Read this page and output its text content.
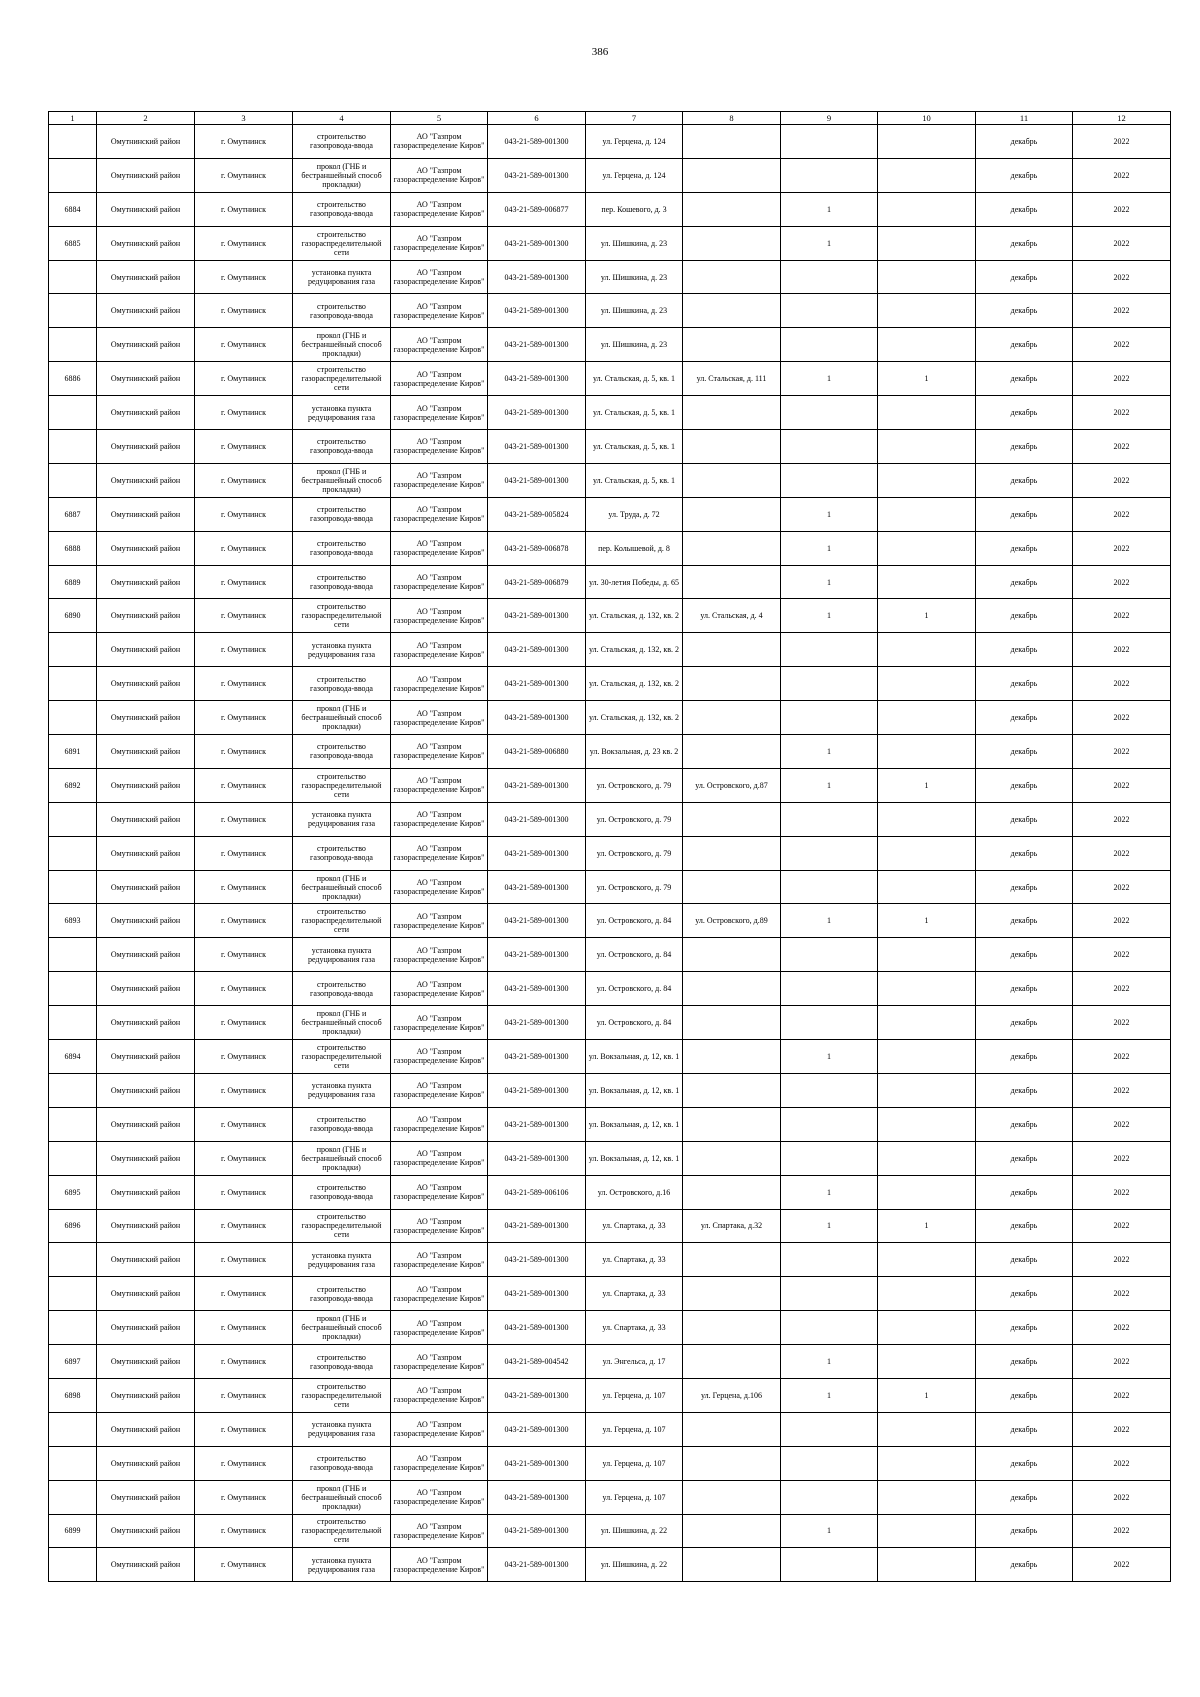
386
1	2	3	4	5	6	7	8	9	10	11	12
	Омутнинский район	г. Омутнинск	строительство газопровода-ввода	АО "Газпром газораспределение Киров"	043-21-589-001300	ул. Герцена, д. 124				декабрь	2022
	Омутнинский район	г. Омутнинск	прокол (ГНБ и бестраншейный способ прокладки)	АО "Газпром газораспределение Киров"	043-21-589-001300	ул. Герцена, д. 124				декабрь	2022
6884	Омутнинский район	г. Омутнинск	строительство газопровода-ввода	АО "Газпром газораспределение Киров"	043-21-589-006877	пер. Кошевого, д. 3		1		декабрь	2022
6885	Омутнинский район	г. Омутнинск	строительство газораспределительной сети	АО "Газпром газораспределение Киров"	043-21-589-001300	ул. Шишкина, д. 23		1		декабрь	2022
	Омутнинский район	г. Омутнинск	установка пункта редуцирования газа	АО "Газпром газораспределение Киров"	043-21-589-001300	ул. Шишкина, д. 23				декабрь	2022
	Омутнинский район	г. Омутнинск	строительство газопровода-ввода	АО "Газпром газораспределение Киров"	043-21-589-001300	ул. Шишкина, д. 23				декабрь	2022
	Омутнинский район	г. Омутнинск	прокол (ГНБ и бестраншейный способ прокладки)	АО "Газпром газораспределение Киров"	043-21-589-001300	ул. Шишкина, д. 23				декабрь	2022
6886	Омутнинский район	г. Омутнинск	строительство газораспределительной сети	АО "Газпром газораспределение Киров"	043-21-589-001300	ул. Стальская, д. 5, кв. 1	ул. Стальская, д. 111	1	1	декабрь	2022
	Омутнинский район	г. Омутнинск	установка пункта редуцирования газа	АО "Газпром газораспределение Киров"	043-21-589-001300	ул. Стальская, д. 5, кв. 1				декабрь	2022
	Омутнинский район	г. Омутнинск	строительство газопровода-ввода	АО "Газпром газораспределение Киров"	043-21-589-001300	ул. Стальская, д. 5, кв. 1				декабрь	2022
	Омутнинский район	г. Омутнинск	прокол (ГНБ и бестраншейный способ прокладки)	АО "Газпром газораспределение Киров"	043-21-589-001300	ул. Стальская, д. 5, кв. 1				декабрь	2022
6887	Омутнинский район	г. Омутнинск	строительство газопровода-ввода	АО "Газпром газораспределение Киров"	043-21-589-005824	ул. Труда, д. 72		1		декабрь	2022
6888	Омутнинский район	г. Омутнинск	строительство газопровода-ввода	АО "Газпром газораспределение Киров"	043-21-589-006878	пер. Колышевой, д. 8		1		декабрь	2022
6889	Омутнинский район	г. Омутнинск	строительство газопровода-ввода	АО "Газпром газораспределение Киров"	043-21-589-006879	ул. 30-летия Победы, д. 65		1		декабрь	2022
6890	Омутнинский район	г. Омутнинск	строительство газораспределительной сети	АО "Газпром газораспределение Киров"	043-21-589-001300	ул. Стальская, д. 132, кв. 2	ул. Стальская, д. 4	1	1	декабрь	2022
	Омутнинский район	г. Омутнинск	установка пункта редуцирования газа	АО "Газпром газораспределение Киров"	043-21-589-001300	ул. Стальская, д. 132, кв. 2				декабрь	2022
	Омутнинский район	г. Омутнинск	строительство газопровода-ввода	АО "Газпром газораспределение Киров"	043-21-589-001300	ул. Стальская, д. 132, кв. 2				декабрь	2022
	Омутнинский район	г. Омутнинск	прокол (ГНБ и бестраншейный способ прокладки)	АО "Газпром газораспределение Киров"	043-21-589-001300	ул. Стальская, д. 132, кв. 2				декабрь	2022
6891	Омутнинский район	г. Омутнинск	строительство газопровода-ввода	АО "Газпром газораспределение Киров"	043-21-589-006880	ул. Вокзальная, д. 23 кв. 2		1		декабрь	2022
6892	Омутнинский район	г. Омутнинск	строительство газораспределительной сети	АО "Газпром газораспределение Киров"	043-21-589-001300	ул. Островского, д. 79	ул. Островского, д.87	1	1	декабрь	2022
	Омутнинский район	г. Омутнинск	установка пункта редуцирования газа	АО "Газпром газораспределение Киров"	043-21-589-001300	ул. Островского, д. 79				декабрь	2022
	Омутнинский район	г. Омутнинск	строительство газопровода-ввода	АО "Газпром газораспределение Киров"	043-21-589-001300	ул. Островского, д. 79				декабрь	2022
	Омутнинский район	г. Омутнинск	прокол (ГНБ и бестраншейный способ прокладки)	АО "Газпром газораспределение Киров"	043-21-589-001300	ул. Островского, д. 79				декабрь	2022
6893	Омутнинский район	г. Омутнинск	строительство газораспределительной сети	АО "Газпром газораспределение Киров"	043-21-589-001300	ул. Островского, д. 84	ул. Островского, д.89	1	1	декабрь	2022
	Омутнинский район	г. Омутнинск	установка пункта редуцирования газа	АО "Газпром газораспределение Киров"	043-21-589-001300	ул. Островского, д. 84				декабрь	2022
	Омутнинский район	г. Омутнинск	строительство газопровода-ввода	АО "Газпром газораспределение Киров"	043-21-589-001300	ул. Островского, д. 84				декабрь	2022
	Омутнинский район	г. Омутнинск	прокол (ГНБ и бестраншейный способ прокладки)	АО "Газпром газораспределение Киров"	043-21-589-001300	ул. Островского, д. 84				декабрь	2022
6894	Омутнинский район	г. Омутнинск	строительство газораспределительной сети	АО "Газпром газораспределение Киров"	043-21-589-001300	ул. Вокзальная, д. 12, кв. 1		1		декабрь	2022
	Омутнинский район	г. Омутнинск	установка пункта редуцирования газа	АО "Газпром газораспределение Киров"	043-21-589-001300	ул. Вокзальная, д. 12, кв. 1				декабрь	2022
	Омутнинский район	г. Омутнинск	строительство газопровода-ввода	АО "Газпром газораспределение Киров"	043-21-589-001300	ул. Вокзальная, д. 12, кв. 1				декабрь	2022
	Омутнинский район	г. Омутнинск	прокол (ГНБ и бестраншейный способ прокладки)	АО "Газпром газораспределение Киров"	043-21-589-001300	ул. Вокзальная, д. 12, кв. 1				декабрь	2022
6895	Омутнинский район	г. Омутнинск	строительство газопровода-ввода	АО "Газпром газораспределение Киров"	043-21-589-006106	ул. Островского, д.16		1		декабрь	2022
6896	Омутнинский район	г. Омутнинск	строительство газораспределительной сети	АО "Газпром газораспределение Киров"	043-21-589-001300	ул. Спартака, д. 33	ул. Спартака, д.32	1	1	декабрь	2022
	Омутнинский район	г. Омутнинск	установка пункта редуцирования газа	АО "Газпром газораспределение Киров"	043-21-589-001300	ул. Спартака, д. 33				декабрь	2022
	Омутнинский район	г. Омутнинск	строительство газопровода-ввода	АО "Газпром газораспределение Киров"	043-21-589-001300	ул. Спартака, д. 33				декабрь	2022
	Омутнинский район	г. Омутнинск	прокол (ГНБ и бестраншейный способ прокладки)	АО "Газпром газораспределение Киров"	043-21-589-001300	ул. Спартака, д. 33				декабрь	2022
6897	Омутнинский район	г. Омутнинск	строительство газопровода-ввода	АО "Газпром газораспределение Киров"	043-21-589-004542	ул. Энгельса, д. 17		1		декабрь	2022
6898	Омутнинский район	г. Омутнинск	строительство газораспределительной сети	АО "Газпром газораспределение Киров"	043-21-589-001300	ул. Герцена, д. 107	ул. Герцена, д.106	1	1	декабрь	2022
	Омутнинский район	г. Омутнинск	установка пункта редуцирования газа	АО "Газпром газораспределение Киров"	043-21-589-001300	ул. Герцена, д. 107				декабрь	2022
	Омутнинский район	г. Омутнинск	строительство газопровода-ввода	АО "Газпром газораспределение Киров"	043-21-589-001300	ул. Герцена, д. 107				декабрь	2022
	Омутнинский район	г. Омутнинск	прокол (ГНБ и бестраншейный способ прокладки)	АО "Газпром газораспределение Киров"	043-21-589-001300	ул. Герцена, д. 107				декабрь	2022
6899	Омутнинский район	г. Омутнинск	строительство газораспределительной сети	АО "Газпром газораспределение Киров"	043-21-589-001300	ул. Шишкина, д. 22		1		декабрь	2022
	Омутнинский район	г. Омутнинск	установка пункта редуцирования газа	АО "Газпром газораспределение Киров"	043-21-589-001300	ул. Шишкина, д. 22				декабрь	2022
